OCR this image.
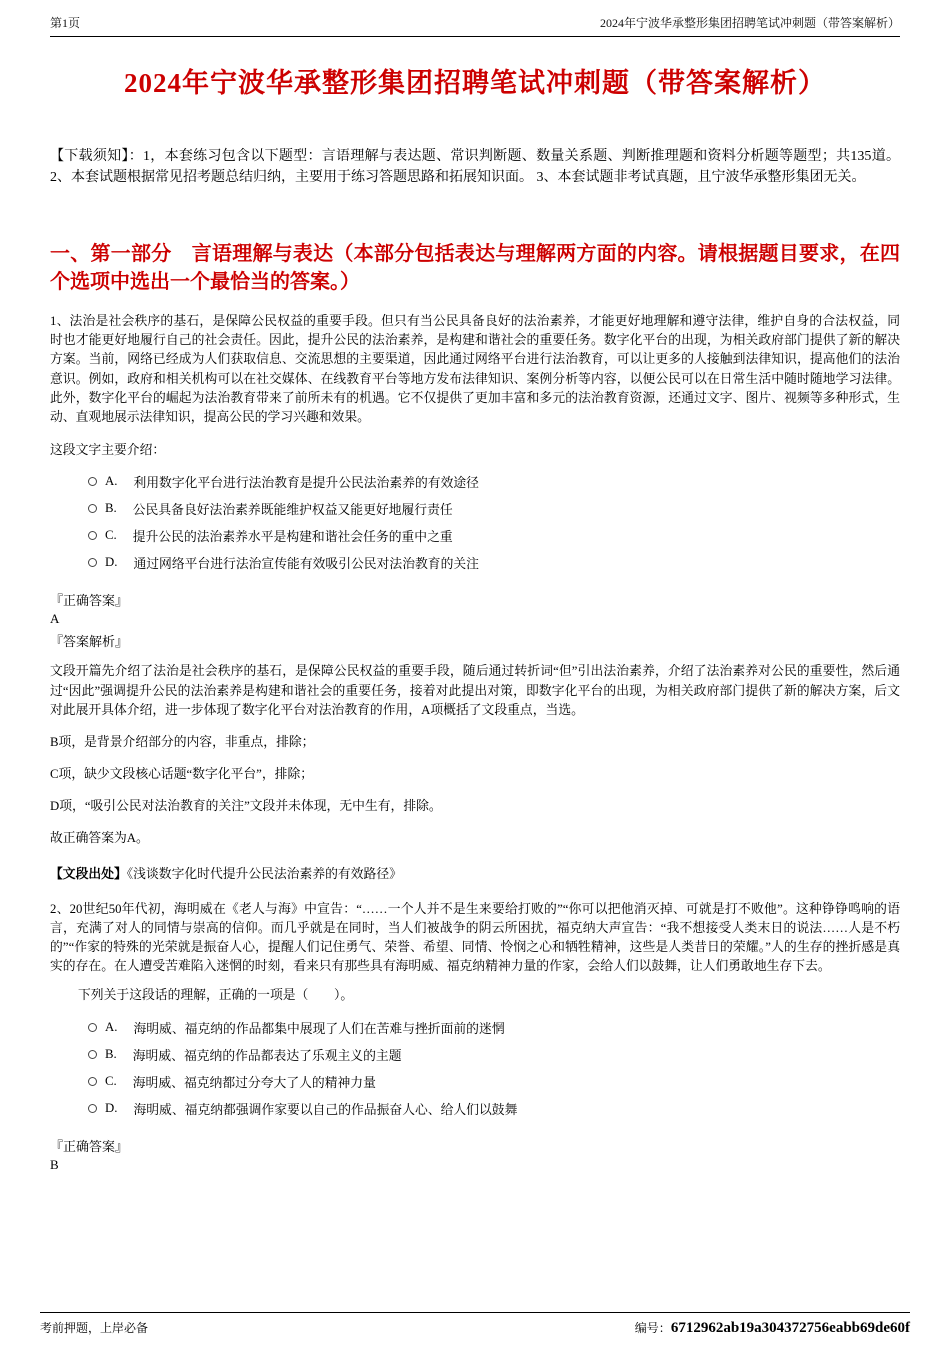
第1页	2024年宁波华承整形集团招聘笔试冲刺题（带答案解析）
2024年宁波华承整形集团招聘笔试冲刺题（带答案解析）

【下载须知】：1，本套练习包含以下题型：言语理解与表达题、常识判断题、数量关系题、判断推理题和资料分析题等题型；共135道。2、本套试题根据常见招考题总结归纳，主要用于练习答题思路和拓展知识面。 3、本套试题非考试真题，且宁波华承整形集团无关。

一、第一部分　言语理解与表达（本部分包括表达与理解两方面的内容。请根据题目要求，在四个选项中选出一个最恰当的答案。）

1、法治是社会秩序的基石，是保障公民权益的重要手段。但只有当公民具备良好的法治素养，才能更好地理解和遵守法律，维护自身的合法权益，同时也才能更好地履行自己的社会责任。因此，提升公民的法治素养，是构建和谐社会的重要任务。数字化平台的出现，为相关政府部门提供了新的解决方案。当前，网络已经成为人们获取信息、交流思想的主要渠道，因此通过网络平台进行法治教育，可以让更多的人接触到法律知识，提高他们的法治意识。例如，政府和相关机构可以在社交媒体、在线教育平台等地方发布法律知识、案例分析等内容，以便公民可以在日常生活中随时随地学习法律。此外，数字化平台的崛起为法治教育带来了前所未有的机遇。它不仅提供了更加丰富和多元的法治教育资源，还通过文字、图片、视频等多种形式，生动、直观地展示法律知识，提高公民的学习兴趣和效果。

这段文字主要介绍：

A. 利用数字化平台进行法治教育是提升公民法治素养的有效途径
B. 公民具备良好法治素养既能维护权益又能更好地履行责任
C. 提升公民的法治素养水平是构建和谐社会任务的重中之重
D. 通过网络平台进行法治宣传能有效吸引公民对法治教育的关注

『正确答案』

A

『答案解析』

文段开篇先介绍了法治是社会秩序的基石，是保障公民权益的重要手段，随后通过转折词“但”引出法治素养，介绍了法治素养对公民的重要性，然后通过“因此”强调提升公民的法治素养是构建和谐社会的重要任务，接着对此提出对策，即数字化平台的出现，为相关政府部门提供了新的解决方案，后文对此展开具体介绍，进一步体现了数字化平台对法治教育的作用，A项概括了文段重点，当选。

B项，是背景介绍部分的内容，非重点，排除；

C项，缺少文段核心话题“数字化平台”，排除；

D项，“吸引公民对法治教育的关注”文段并未体现，无中生有，排除。

故正确答案为A。

【文段出处】《浅谈数字化时代提升公民法治素养的有效路径》

2、20世纪50年代初，海明威在《老人与海》中宣告：“……一个人并不是生来要给打败的”“你可以把他消灭掉、可就是打不败他”。这种铮铮鸣响的语言，充满了对人的同情与崇高的信仰。而几乎就是在同时，当人们被战争的阴云所困扰，福克纳大声宣告：“我不想接受人类末日的说法……人是不朽的”“作家的特殊的光荣就是振奋人心，提醒人们记住勇气、荣誉、希望、同情、怜悯之心和牺牲精神，这些是人类昔日的荣耀。”人的生存的挫折感是真实的存在。在人遭受苦难陷入迷惘的时刻，看来只有那些具有海明威、福克纳精神力量的作家，会给人们以鼓舞，让人们勇敢地生存下去。

下列关于这段话的理解，正确的一项是（　　）。

A. 海明威、福克纳的作品都集中展现了人们在苦难与挫折面前的迷惘
B. 海明威、福克纳的作品都表达了乐观主义的主题
C. 海明威、福克纳都过分夸大了人的精神力量
D. 海明威、福克纳都强调作家要以自己的作品振奋人心、给人们以鼓舞

『正确答案』

B

考前押题，上岸必备	编号： 6712962ab19a304372756eabb69de60f
